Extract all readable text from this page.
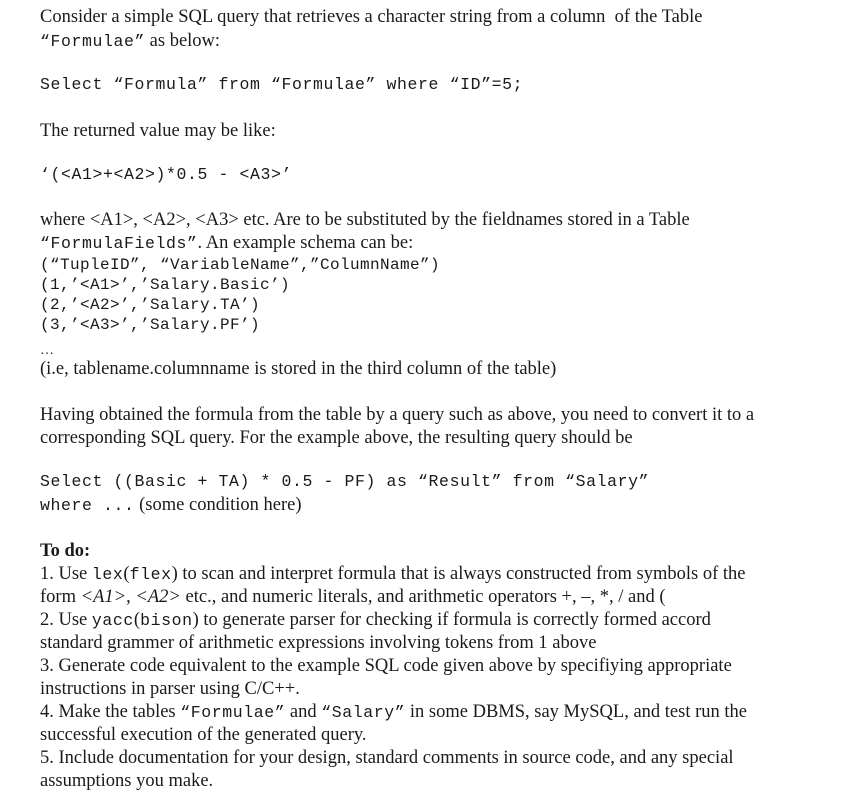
Consider a simple SQL query that retrieves a character string from a column  of the Table
“Formulae” as below:
Select “Formula” from “Formulae” where “ID”=5;
The returned value may be like:
‘(<A1>+<A2>)*0.5 - <A3>’
where <A1>, <A2>, <A3> etc. Are to be substituted by the fieldnames stored in a Table
“FormulaFields”. An example schema can be:
(“TupleID”, “VariableName”,”ColumnName”)
(1,’<A1>’,’Salary.Basic’)
(2,’<A2>’,’Salary.TA’)
(3,’<A3>’,’Salary.PF’)
…
(i.e, tablename.columnname is stored in the third column of the table)
Having obtained the formula from the table by a query such as above, you need to convert it to a
corresponding SQL query. For the example above, the resulting query should be
Select ((Basic + TA) * 0.5 - PF) as “Result” from “Salary”
where ... (some condition here)
To do:
1. Use lex(flex) to scan and interpret formula that is always constructed from symbols of the
form <A1>, <A2> etc., and numeric literals, and arithmetic operators +, –, *, / and (
2. Use yacc(bison) to generate parser for checking if formula is correctly formed accord
standard grammer of arithmetic expressions involving tokens from 1 above
3. Generate code equivalent to the example SQL code given above by specifiying appropriate
instructions in parser using C/C++.
4. Make the tables “Formulae” and “Salary” in some DBMS, say MySQL, and test run the
successful execution of the generated query.
5. Include documentation for your design, standard comments in source code, and any special
assumptions you make.
